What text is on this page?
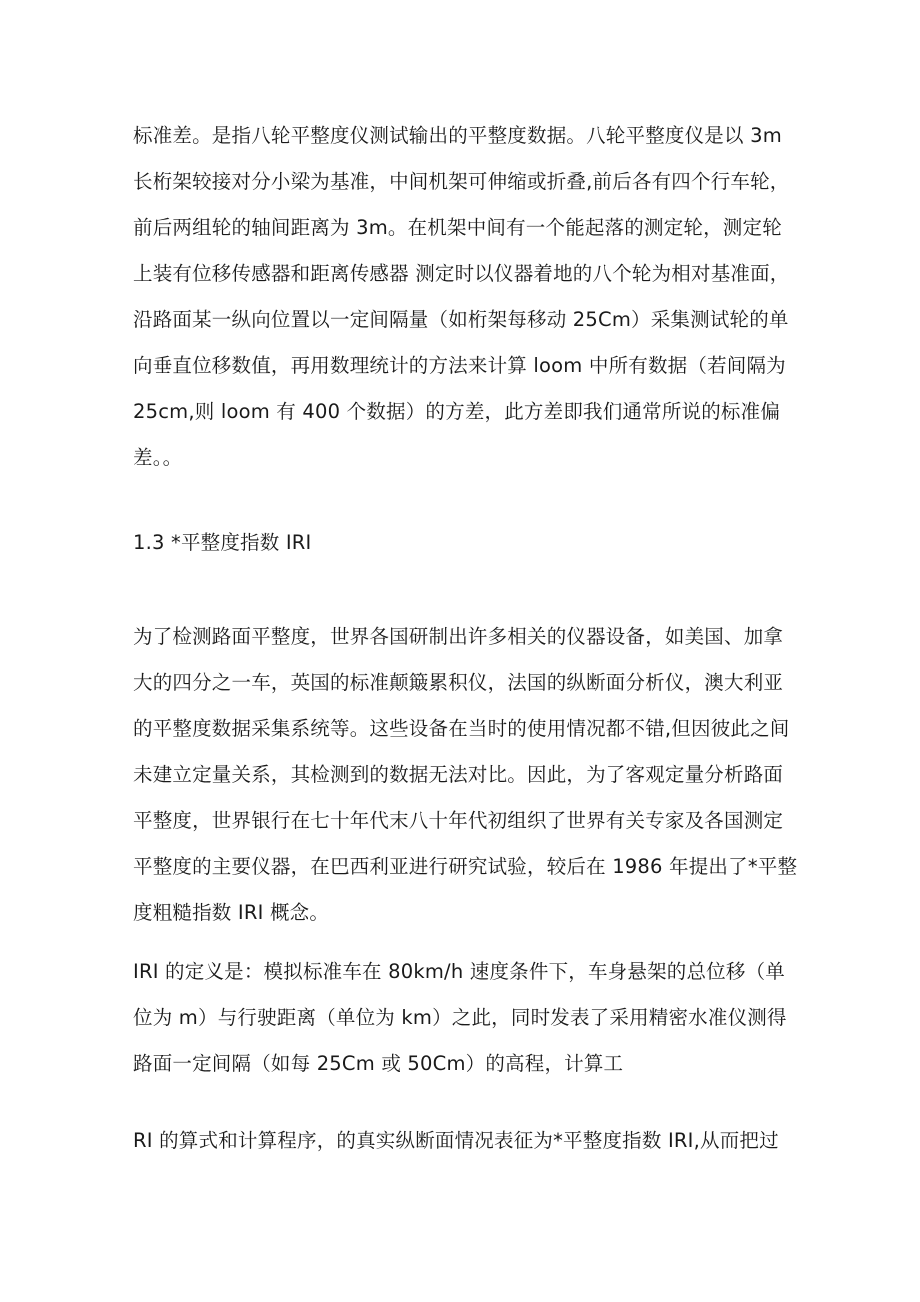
标准差。是指八轮平整度仪测试输出的平整度数据。八轮平整度仪是以 3m
长桁架较接对分小梁为基准，中间机架可伸缩或折叠,前后各有四个行车轮，
前后两组轮的轴间距离为 3m。在机架中间有一个能起落的测定轮，测定轮
上装有位移传感器和距离传感器 测定时以仪器着地的八个轮为相对基准面，
沿路面某一纵向位置以一定间隔量（如桁架每移动 25Cm）采集测试轮的单
向垂直位移数值，再用数理统计的方法来计算 loom 中所有数据（若间隔为
25cm,则 loom 有 400 个数据）的方差，此方差即我们通常所说的标准偏
差。。
1.3 *平整度指数 IRI
为了检测路面平整度，世界各国研制出许多相关的仪器设备，如美国、加拿
大的四分之一车，英国的标准颠簸累积仪，法国的纵断面分析仪，澳大利亚
的平整度数据采集系统等。这些设备在当时的使用情况都不错,但因彼此之间
未建立定量关系，其检测到的数据无法对比。因此，为了客观定量分析路面
平整度，世界银行在七十年代末八十年代初组织了世界有关专家及各国测定
平整度的主要仪器，在巴西利亚进行研究试验，较后在 1986 年提出了*平整
度粗糙指数 IRI 概念。
IRI 的定义是：模拟标准车在 80km/h 速度条件下，车身悬架的总位移（单
位为 m）与行驶距离（单位为 km）之此，同时发表了采用精密水准仪测得
路面一定间隔（如每 25Cm 或 50Cm）的高程，计算工
RI 的算式和计算程序，的真实纵断面情况表征为*平整度指数 IRI,从而把过
